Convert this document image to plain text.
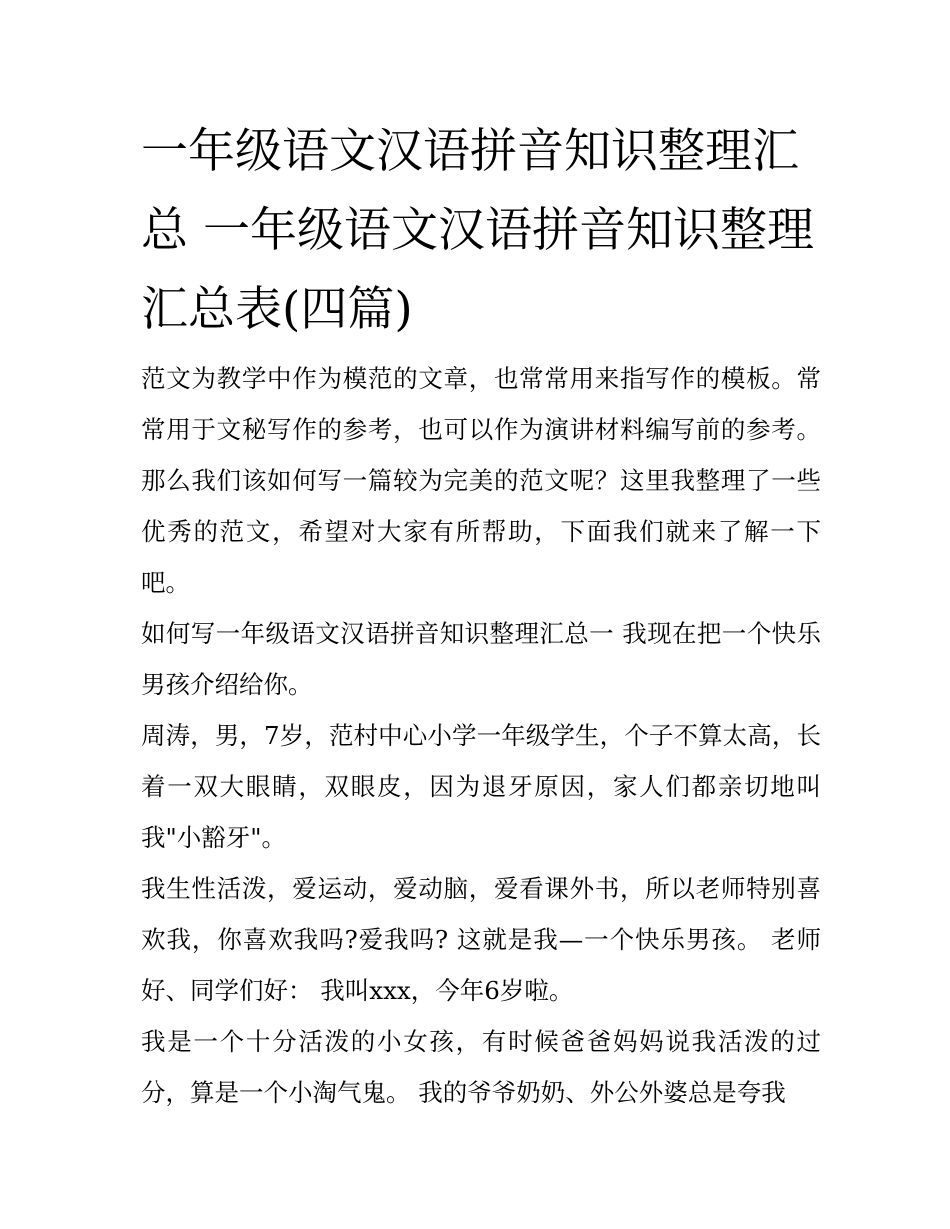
一年级语文汉语拼音知识整理汇总 一年级语文汉语拼音知识整理汇总表(四篇)

范文为教学中作为模范的文章，也常常用来指写作的模板。常常用于文秘写作的参考，也可以作为演讲材料编写前的参考。那么我们该如何写一篇较为完美的范文呢？这里我整理了一些优秀的范文，希望对大家有所帮助，下面我们就来了解一下吧。

如何写一年级语文汉语拼音知识整理汇总一 我现在把一个快乐男孩介绍给你。

周涛，男，7岁，范村中心小学一年级学生，个子不算太高，长着一双大眼睛，双眼皮，因为退牙原因，家人们都亲切地叫我"小豁牙"。

我生性活泼，爱运动，爱动脑，爱看课外书，所以老师特别喜欢我，你喜欢我吗?爱我吗? 这就是我—一个快乐男孩。 老师好、同学们好： 我叫xxx，今年6岁啦。

我是一个十分活泼的小女孩，有时候爸爸妈妈说我活泼的过分，算是一个小淘气鬼。 我的爷爷奶奶、外公外婆总是夸我
